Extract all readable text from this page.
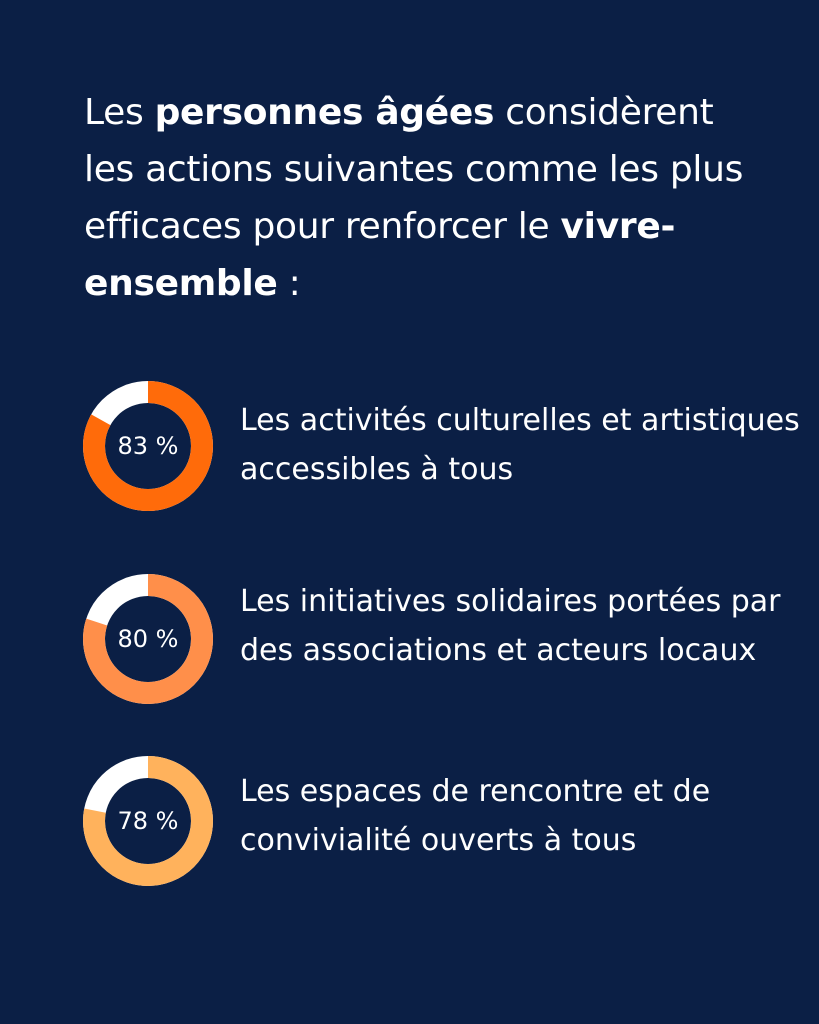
Les personnes âgées considèrent les actions suivantes comme les plus efficaces pour renforcer le vivre-ensemble :
83 %
Les activités culturelles et artistiques accessibles à tous
80 %
Les initiatives solidaires portées par des associations et acteurs locaux
78 %
Les espaces de rencontre et de convivialité ouverts à tous
